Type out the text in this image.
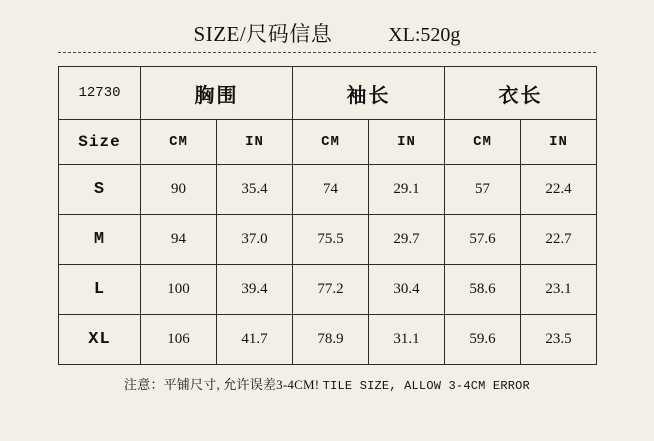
SIZE/尺码信息	XL:520g
12730	胸围		袖长		衣长	
Size	CM	IN	CM	IN	CM	IN
S	90	35.4	74	29.1	57	22.4
M	94	37.0	75.5	29.7	57.6	22.7
L	100	39.4	77.2	30.4	58.6	23.1
XL	106	41.7	78.9	31.1	59.6	23.5
注意：平铺尺寸, 允许误差3-4CM! TILE SIZE, ALLOW 3-4CM ERROR
